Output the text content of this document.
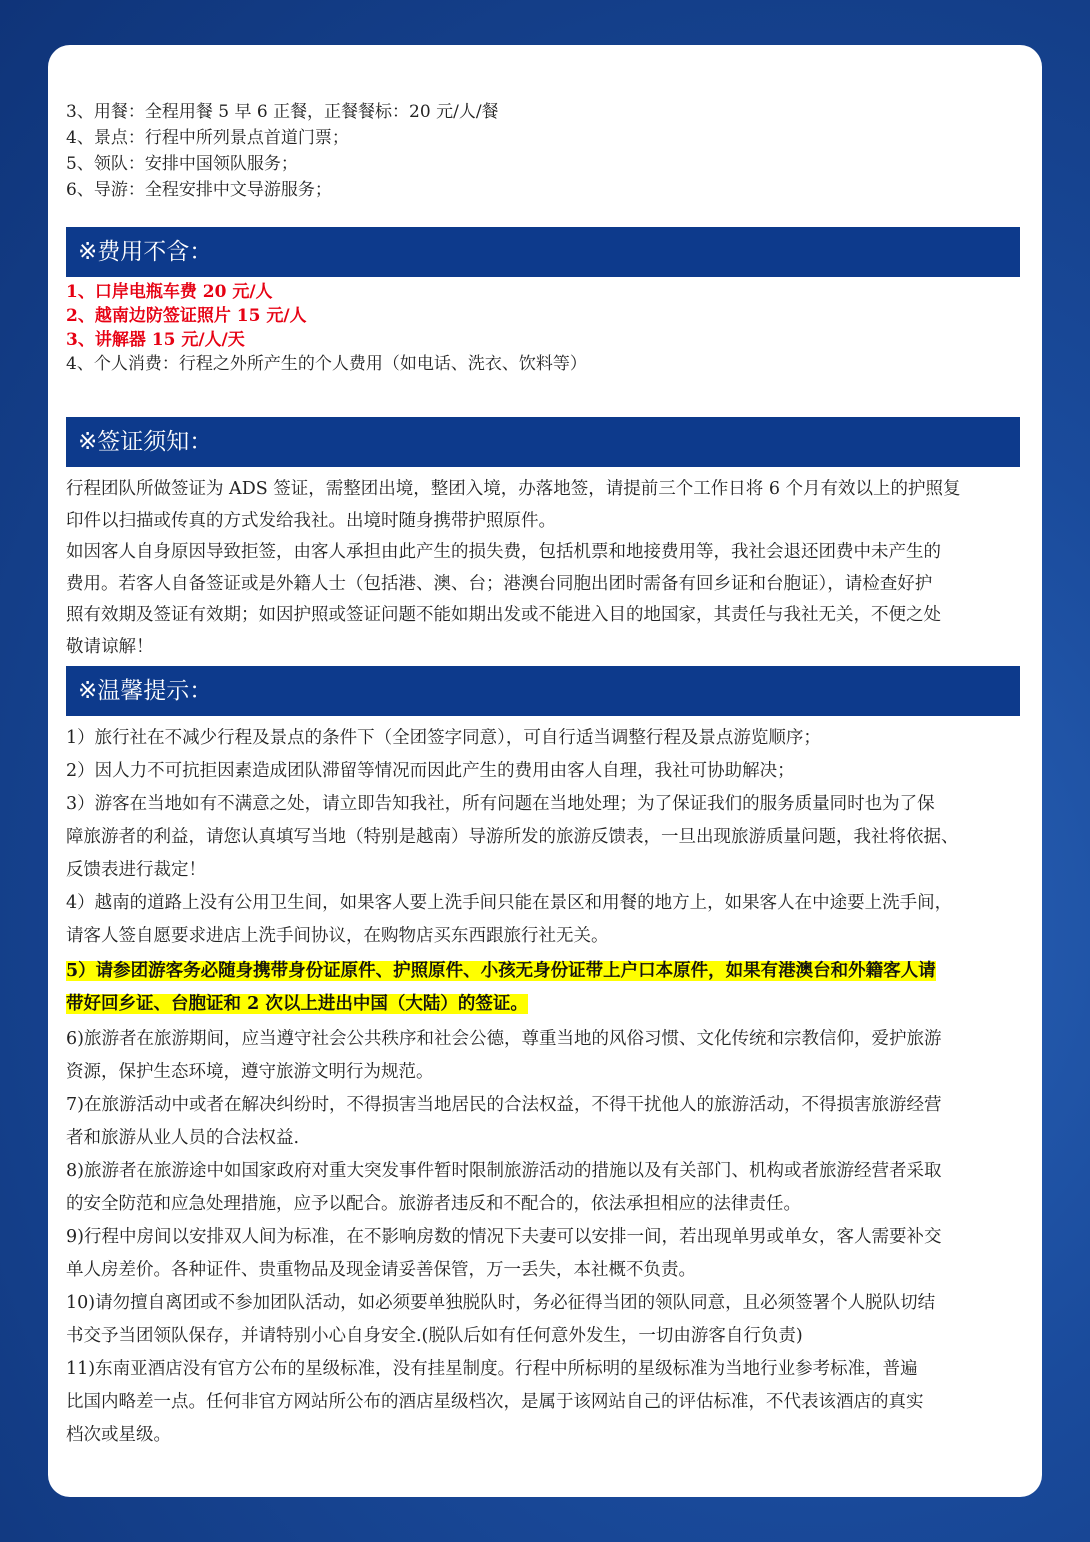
3、用餐：全程用餐 5 早 6 正餐，正餐餐标：20 元/人/餐
4、景点：行程中所列景点首道门票；
5、领队：安排中国领队服务；
6、导游：全程安排中文导游服务；
※费用不含：
1、口岸电瓶车费 20 元/人
2、越南边防签证照片 15 元/人
3、讲解器 15 元/人/天
4、个人消费：行程之外所产生的个人费用（如电话、洗衣、饮料等）
※签证须知：
行程团队所做签证为 ADS 签证，需整团出境，整团入境，办落地签，请提前三个工作日将 6 个月有效以上的护照复
印件以扫描或传真的方式发给我社。出境时随身携带护照原件。
如因客人自身原因导致拒签，由客人承担由此产生的损失费，包括机票和地接费用等，我社会退还团费中未产生的
费用。若客人自备签证或是外籍人士（包括港、澳、台；港澳台同胞出团时需备有回乡证和台胞证），请检查好护
照有效期及签证有效期；如因护照或签证问题不能如期出发或不能进入目的地国家，其责任与我社无关，不便之处
敬请谅解！
※温馨提示：
1）旅行社在不减少行程及景点的条件下（全团签字同意），可自行适当调整行程及景点游览顺序；
2）因人力不可抗拒因素造成团队滞留等情况而因此产生的费用由客人自理，我社可协助解决；
3）游客在当地如有不满意之处，请立即告知我社，所有问题在当地处理；为了保证我们的服务质量同时也为了保
障旅游者的利益，请您认真填写当地（特别是越南）导游所发的旅游反馈表，一旦出现旅游质量问题，我社将依据、
反馈表进行裁定！
4）越南的道路上没有公用卫生间，如果客人要上洗手间只能在景区和用餐的地方上，如果客人在中途要上洗手间，
请客人签自愿要求进店上洗手间协议，在购物店买东西跟旅行社无关。
5）请参团游客务必随身携带身份证原件、护照原件、小孩无身份证带上户口本原件，如果有港澳台和外籍客人请
带好回乡证、台胞证和 2 次以上进出中国（大陆）的签证。
6)旅游者在旅游期间，应当遵守社会公共秩序和社会公德，尊重当地的风俗习惯、文化传统和宗教信仰，爱护旅游
资源，保护生态环境，遵守旅游文明行为规范。
7)在旅游活动中或者在解决纠纷时，不得损害当地居民的合法权益，不得干扰他人的旅游活动，不得损害旅游经营
者和旅游从业人员的合法权益.
8)旅游者在旅游途中如国家政府对重大突发事件暂时限制旅游活动的措施以及有关部门、机构或者旅游经营者采取
的安全防范和应急处理措施，应予以配合。旅游者违反和不配合的，依法承担相应的法律责任。
9)行程中房间以安排双人间为标准，在不影响房数的情况下夫妻可以安排一间，若出现单男或单女，客人需要补交
单人房差价。各种证件、贵重物品及现金请妥善保管，万一丢失，本社概不负责。
10)请勿擅自离团或不参加团队活动，如必须要单独脱队时，务必征得当团的领队同意，且必须签署个人脱队切结
书交予当团领队保存，并请特别小心自身安全.(脱队后如有任何意外发生，一切由游客自行负责)
11)东南亚酒店没有官方公布的星级标准，没有挂星制度。行程中所标明的星级标准为当地行业参考标准，普遍
比国内略差一点。任何非官方网站所公布的酒店星级档次，是属于该网站自己的评估标准，不代表该酒店的真实
档次或星级。
